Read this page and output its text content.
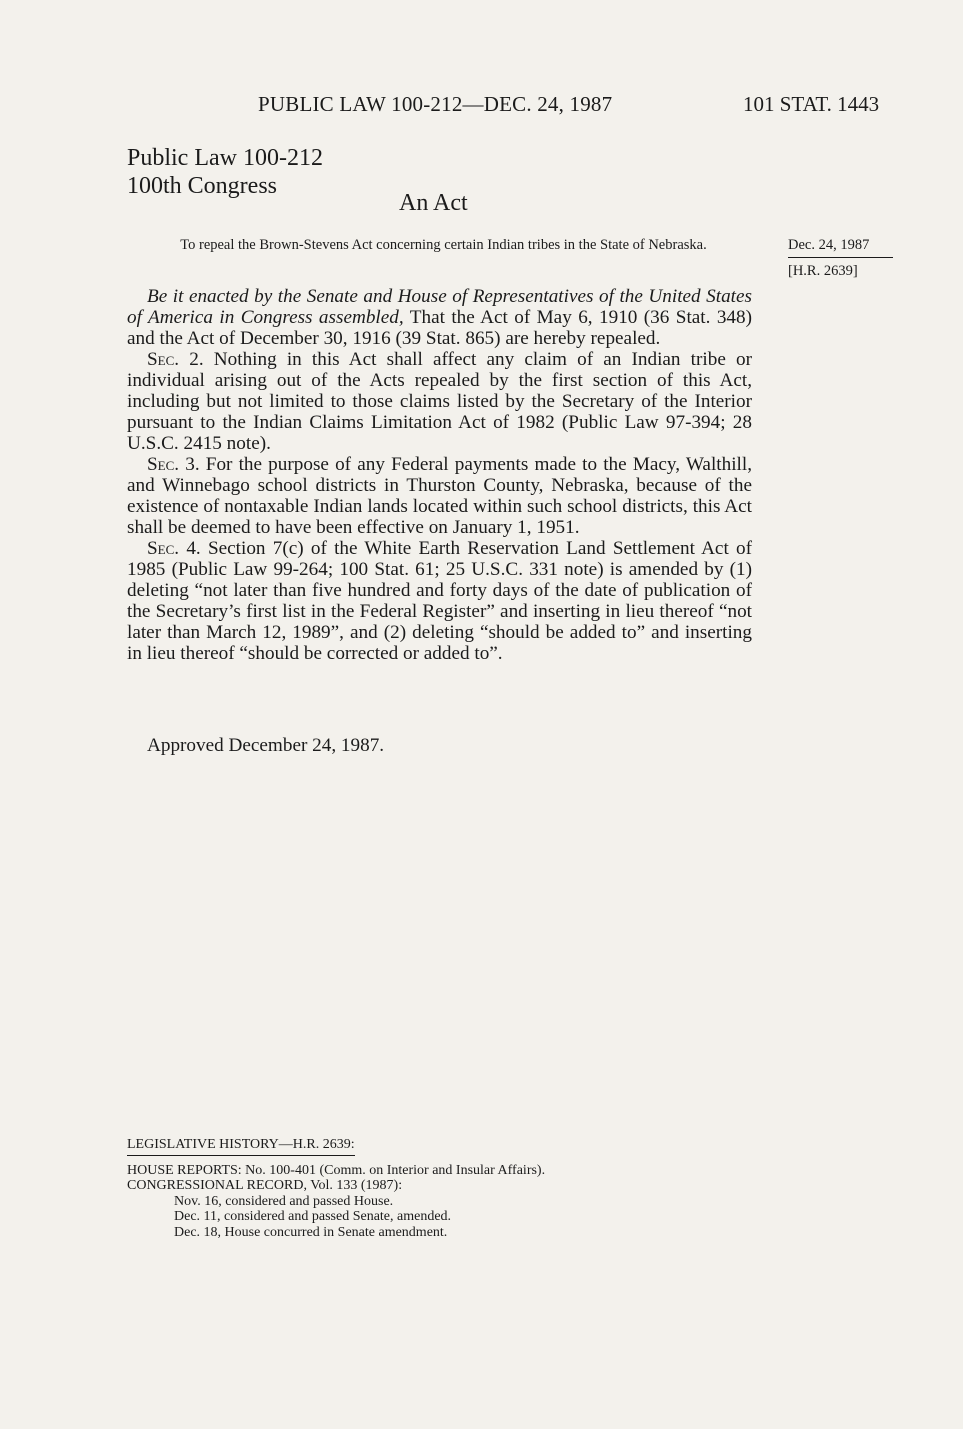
PUBLIC LAW 100-212—DEC. 24, 1987	101 STAT. 1443
Public Law 100-212
100th Congress
An Act
To repeal the Brown-Stevens Act concerning certain Indian tribes in the State of Nebraska.	Dec. 24, 1987
[H.R. 2639]

Be it enacted by the Senate and House of Representatives of the United States of America in Congress assembled, That the Act of May 6, 1910 (36 Stat. 348) and the Act of December 30, 1916 (39 Stat. 865) are hereby repealed.

Sec. 2. Nothing in this Act shall affect any claim of an Indian tribe or individual arising out of the Acts repealed by the first section of this Act, including but not limited to those claims listed by the Secretary of the Interior pursuant to the Indian Claims Limitation Act of 1982 (Public Law 97-394; 28 U.S.C. 2415 note).

Sec. 3. For the purpose of any Federal payments made to the Macy, Walthill, and Winnebago school districts in Thurston County, Nebraska, because of the existence of nontaxable Indian lands located within such school districts, this Act shall be deemed to have been effective on January 1, 1951.

Sec. 4. Section 7(c) of the White Earth Reservation Land Settlement Act of 1985 (Public Law 99-264; 100 Stat. 61; 25 U.S.C. 331 note) is amended by (1) deleting “not later than five hundred and forty days of the date of publication of the Secretary’s first list in the Federal Register” and inserting in lieu thereof “not later than March 12, 1989”, and (2) deleting “should be added to” and inserting in lieu thereof “should be corrected or added to”.

Approved December 24, 1987.
LEGISLATIVE HISTORY—H.R. 2639:
HOUSE REPORTS: No. 100-401 (Comm. on Interior and Insular Affairs).
CONGRESSIONAL RECORD, Vol. 133 (1987):
Nov. 16, considered and passed House.
Dec. 11, considered and passed Senate, amended.
Dec. 18, House concurred in Senate amendment.
